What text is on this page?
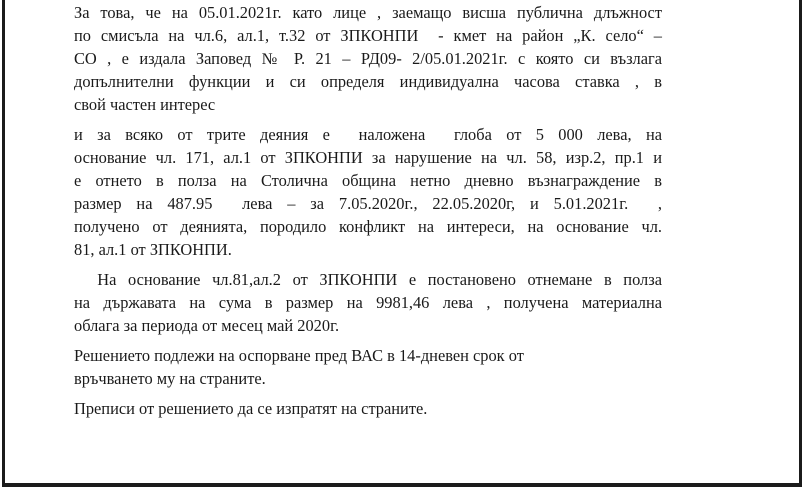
За това, че на 05.01.2021г. като лице , заемащо висша публична длъжност
по смисъла на чл.6, ал.1, т.32 от ЗПКОНПИ  - кмет на район „К. село“ –
СО , е издала Заповед № Р. 21 – РД09- 2/05.01.2021г. с която си възлага
допълнителни функции и си определя индивидуална часова ставка , в
свой частен интерес
и за всяко от трите деяния е  наложена  глоба от 5 000 лева, на
основание чл. 171, ал.1 от ЗПКОНПИ за нарушение на чл. 58, изр.2, пр.1 и
е отнето в полза на Столична община нетно дневно възнаграждение в
размер на 487.95  лева – за 7.05.2020г., 22.05.2020г, и 5.01.2021г.  ,
получено от деянията, породило конфликт на интереси, на основание чл.
81, ал.1 от ЗПКОНПИ.
На основание чл.81,ал.2 от ЗПКОНПИ е постановено отнемане в полза
на държавата на сума в размер на 9981,46 лева , получена материална
облага за периода от месец май 2020г.
Решението подлежи на оспорване пред ВАС в 14-дневен срок от
връчването му на страните.
Преписи от решението да се изпратят на страните.
